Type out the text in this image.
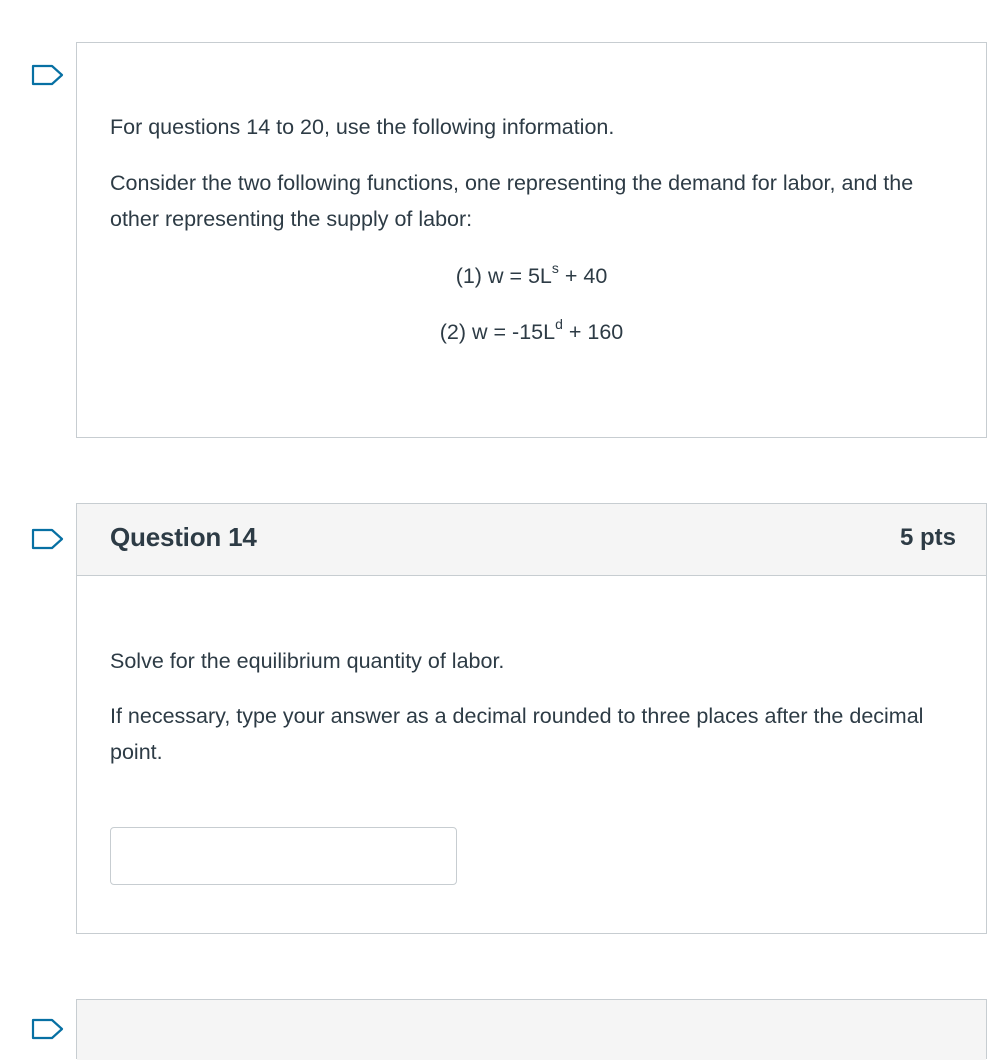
For questions 14 to 20, use the following information.
Consider the two following functions, one representing the demand for labor, and the other representing the supply of labor:
(1) $w = 5L^s + 40$
(2) $w = -15L^d + 160$
Question 14	5 pts
Solve for the equilibrium quantity of labor.
If necessary, type your answer as a decimal rounded to three places after the decimal point.
